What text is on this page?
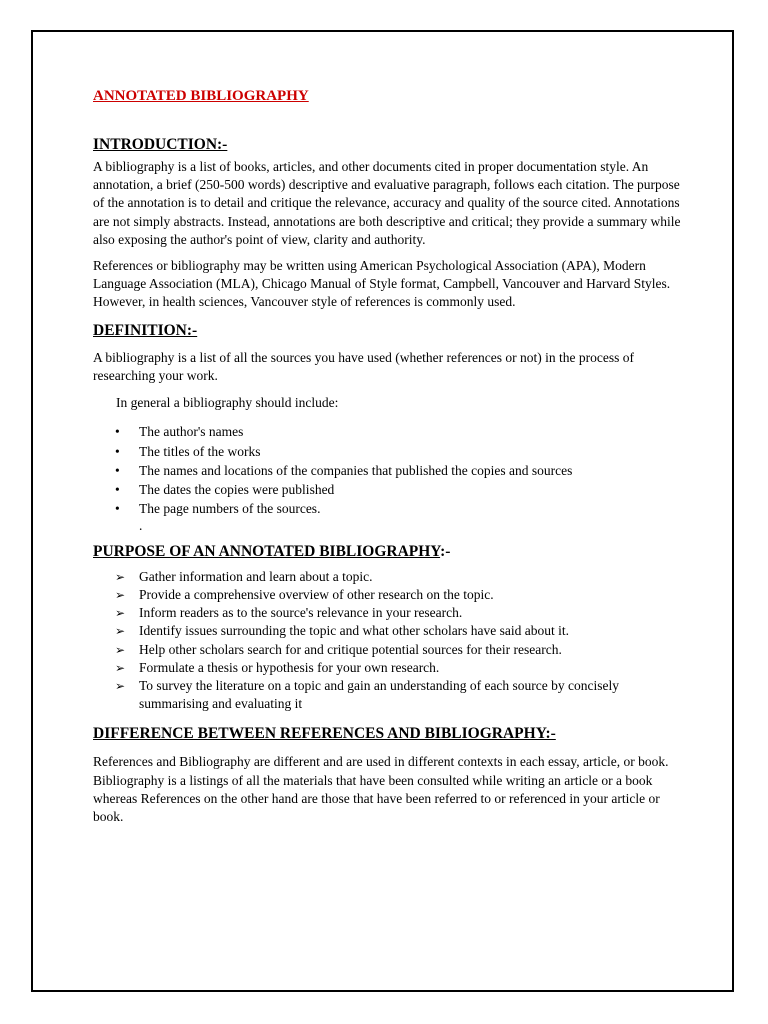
ANNOTATED BIBLIOGRAPHY
INTRODUCTION:-

A bibliography is a list of books, articles, and other documents cited in proper documentation style. An annotation, a brief (250-500 words) descriptive and evaluative paragraph, follows each citation. The purpose of the annotation is to detail and critique the relevance, accuracy and quality of the source cited. Annotations are not simply abstracts. Instead, annotations are both descriptive and critical; they provide a summary while also exposing the author's point of view, clarity and authority.

References or bibliography may be written using American Psychological Association (APA), Modern Language Association (MLA), Chicago Manual of Style format, Campbell, Vancouver and Harvard Styles. However, in health sciences, Vancouver style of references is commonly used.

DEFINITION:-

A bibliography is a list of all the sources you have used (whether references or not) in the process of researching your work.

In general a bibliography should include:

• The author's names
• The titles of the works
• The names and locations of the companies that published the copies and sources
• The dates the copies were published
• The page numbers of the sources.

.

PURPOSE OF AN ANNOTATED BIBLIOGRAPHY:-
➢ Gather information and learn about a topic.
➢ Provide a comprehensive overview of other research on the topic.
➢ Inform readers as to the source's relevance in your research.
➢ Identify issues surrounding the topic and what other scholars have said about it.
➢ Help other scholars search for and critique potential sources for their research.
➢ Formulate a thesis or hypothesis for your own research.
➢ To survey the literature on a topic and gain an understanding of each source by concisely summarising and evaluating it
DIFFERENCE BETWEEN REFERENCES AND BIBLIOGRAPHY:-

References and Bibliography are different and are used in different contexts in each essay, article, or book. Bibliography is a listings of all the materials that have been consulted while writing an article or a book whereas References on the other hand are those that have been referred to or referenced in your article or book.
